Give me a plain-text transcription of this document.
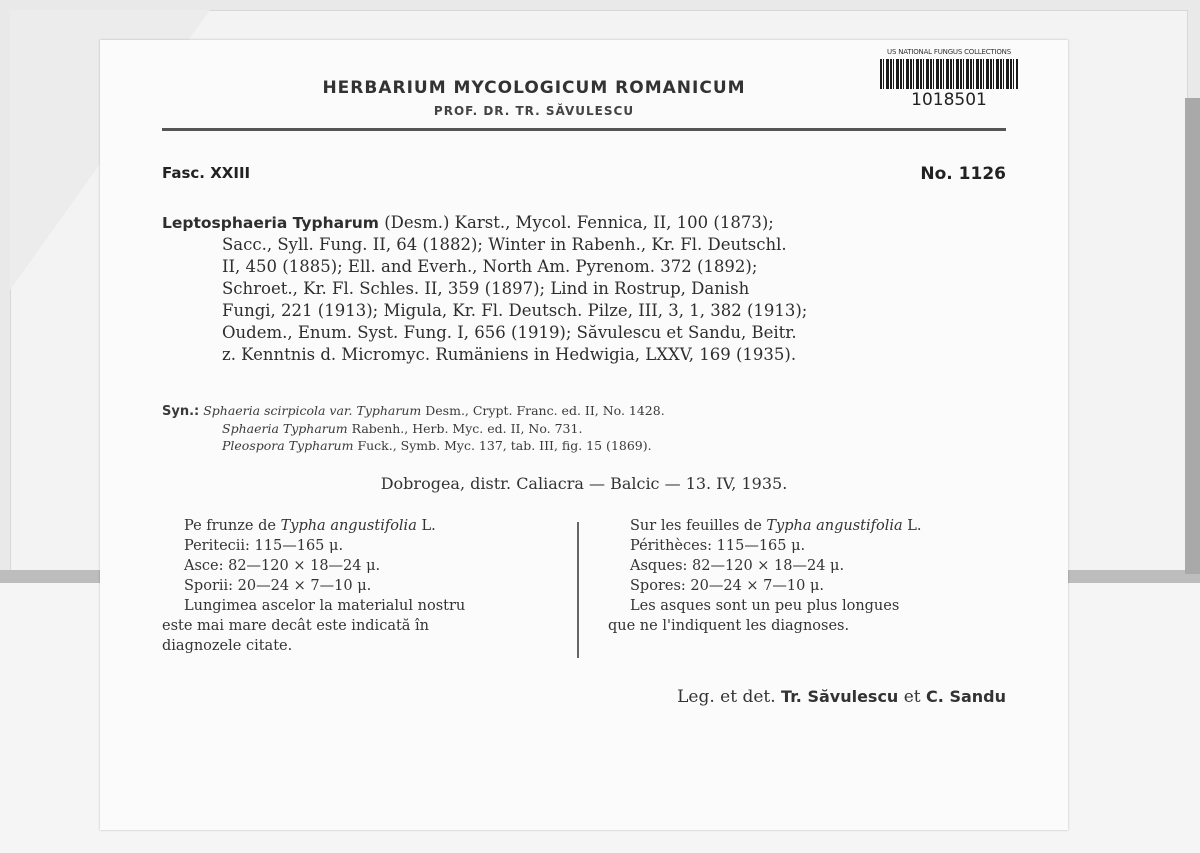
HERBARIUM MYCOLOGICUM ROMANICUM
PROF. DR. TR. SĂVULESCU
US NATIONAL FUNGUS COLLECTIONS
1018501
Fasc. XXIII	No. 1126
Leptosphaeria Typharum (Desm.) Karst., Mycol. Fennica, II, 100 (1873);
Sacc., Syll. Fung. II, 64 (1882); Winter in Rabenh., Kr. Fl. Deutschl.
II, 450 (1885); Ell. and Everh., North Am. Pyrenom. 372 (1892);
Schroet., Kr. Fl. Schles. II, 359 (1897); Lind in Rostrup, Danish
Fungi, 221 (1913); Migula, Kr. Fl. Deutsch. Pilze, III, 3, 1, 382 (1913);
Oudem., Enum. Syst. Fung. I, 656 (1919); Săvulescu et Sandu, Beitr.
z. Kenntnis d. Micromyc. Rumäniens in Hedwigia, LXXV, 169 (1935).
Syn.: Sphaeria scirpicola var. Typharum Desm., Crypt. Franc. ed. II, No. 1428.
Sphaeria Typharum Rabenh., Herb. Myc. ed. II, No. 731.
Pleospora Typharum Fuck., Symb. Myc. 137, tab. III, fig. 15 (1869).
Dobrogea, distr. Caliacra — Balcic — 13. IV, 1935.
Pe frunze de Typha angustifolia L.
Peritecii: 115—165 μ.
Asce: 82—120 × 18—24 μ.
Sporii: 20—24 × 7—10 μ.
Lungimea ascelor la materialul nostru
este mai mare decât este indicată în
diagnozele citate.
Sur les feuilles de Typha angustifolia L.
Périthèces: 115—165 μ.
Asques: 82—120 × 18—24 μ.
Spores: 20—24 × 7—10 μ.
Les asques sont un peu plus longues
que ne l'indiquent les diagnoses.
Leg. et det. Tr. Săvulescu et C. Sandu
